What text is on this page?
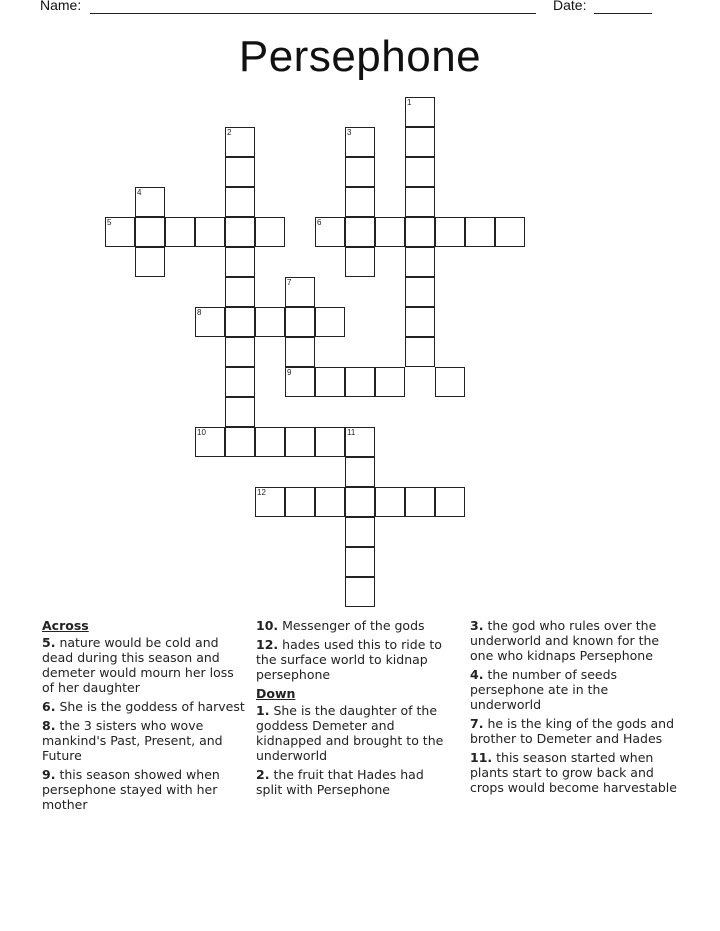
Name:	Date:
Persephone
1
2	3
4
5	6
7
9
8
10	11
12
Across
5. nature would be cold and dead during this season and demeter would mourn her loss of her daughter
6. She is the goddess of harvest
8. the 3 sisters who wove mankind's Past, Present, and Future
9. this season showed when persephone stayed with her mother
10. Messenger of the gods
12. hades used this to ride to the surface world to kidnap persephone
Down
1. She is the daughter of the goddess Demeter and kidnapped and brought to the underworld
2. the fruit that Hades had split with Persephone
3. the god who rules over the underworld and known for the one who kidnaps Persephone
4. the number of seeds persephone ate in the underworld
7. he is the king of the gods and brother to Demeter and Hades
11. this season started when plants start to grow back and crops would become harvestable
